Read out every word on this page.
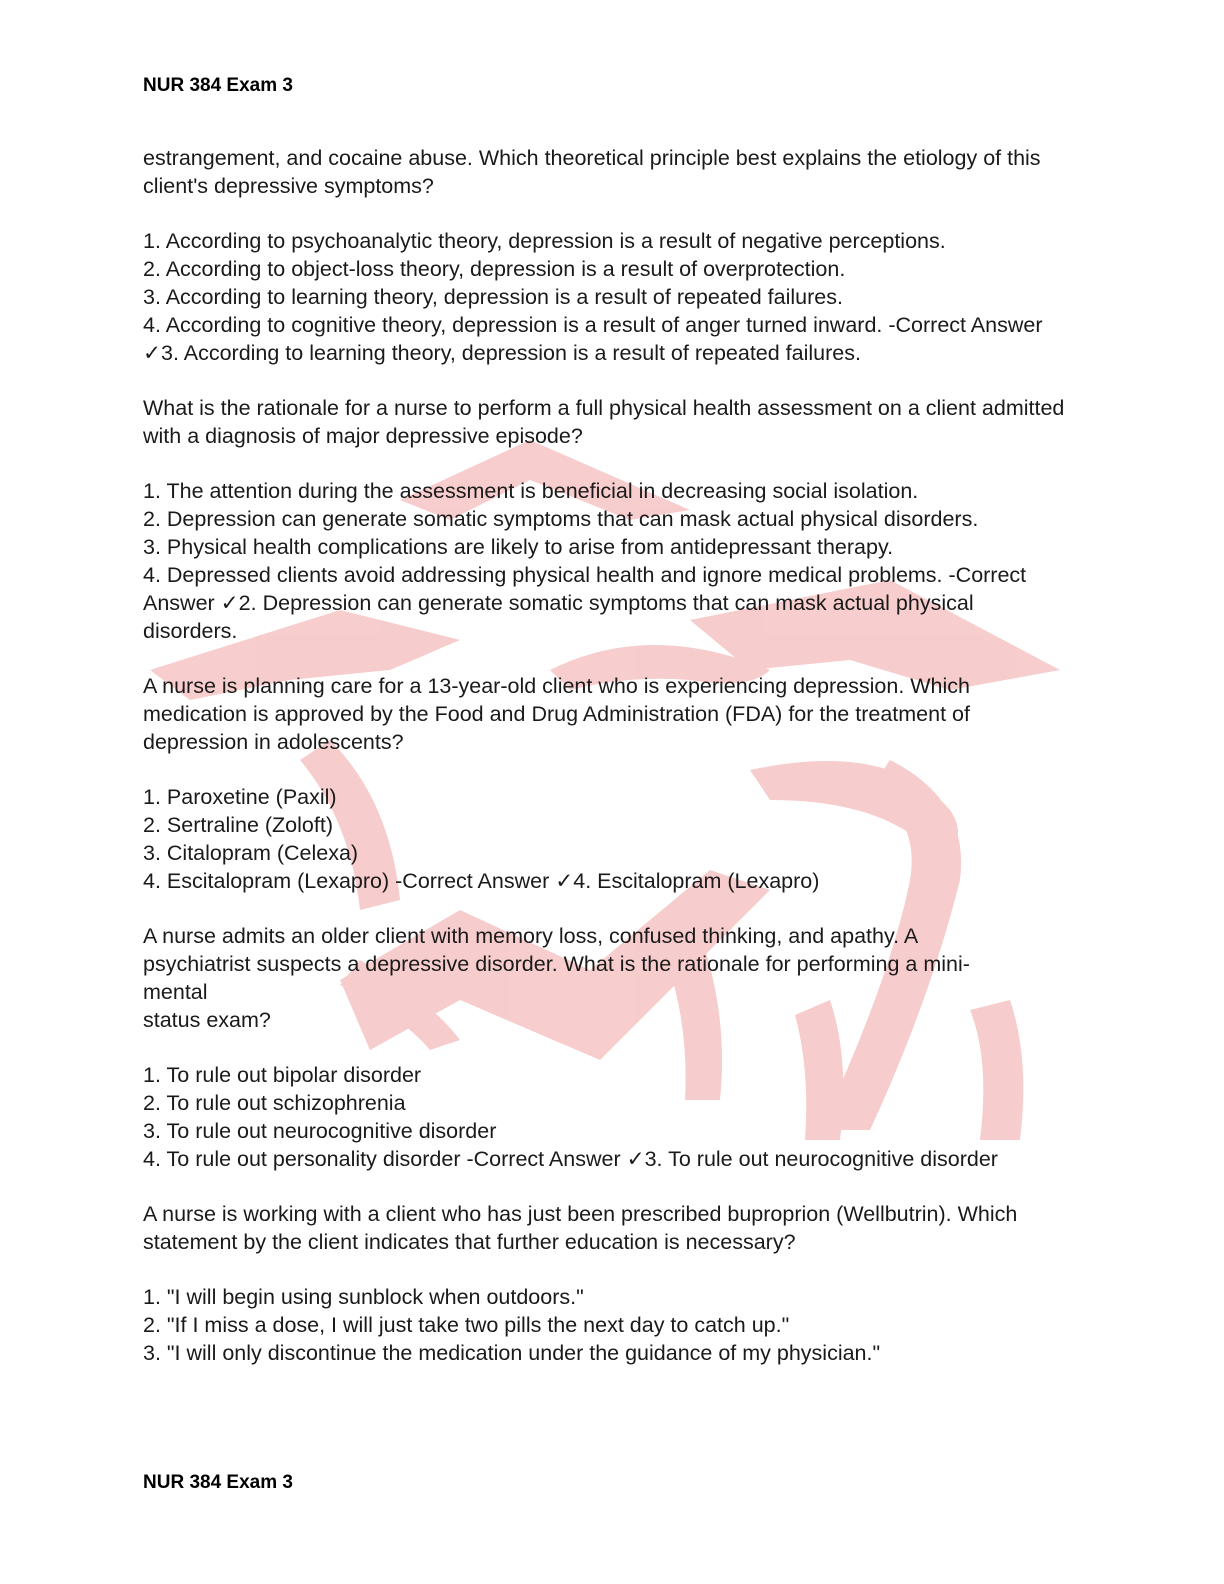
NUR 384 Exam 3

estrangement, and cocaine abuse. Which theoretical principle best explains the etiology of this client's depressive symptoms?

1. According to psychoanalytic theory, depression is a result of negative perceptions.

2. According to object-loss theory, depression is a result of overprotection.

3. According to learning theory, depression is a result of repeated failures.

4. According to cognitive theory, depression is a result of anger turned inward. -Correct Answer ✓3. According to learning theory, depression is a result of repeated failures.

What is the rationale for a nurse to perform a full physical health assessment on a client admitted with a diagnosis of major depressive episode?

1. The attention during the assessment is beneficial in decreasing social isolation.

2. Depression can generate somatic symptoms that can mask actual physical disorders.

3. Physical health complications are likely to arise from antidepressant therapy.

4. Depressed clients avoid addressing physical health and ignore medical problems. -Correct Answer ✓2. Depression can generate somatic symptoms that can mask actual physical disorders.

A nurse is planning care for a 13-year-old client who is experiencing depression. Which medication is approved by the Food and Drug Administration (FDA) for the treatment of depression in adolescents?

1. Paroxetine (Paxil)

2. Sertraline (Zoloft)

3. Citalopram (Celexa)

4. Escitalopram (Lexapro) -Correct Answer ✓4. Escitalopram (Lexapro)

A nurse admits an older client with memory loss, confused thinking, and apathy. A

psychiatrist suspects a depressive disorder. What is the rationale for performing a mini-

mental

status exam?

1. To rule out bipolar disorder

2. To rule out schizophrenia

3. To rule out neurocognitive disorder

4. To rule out personality disorder -Correct Answer ✓3. To rule out neurocognitive disorder

A nurse is working with a client who has just been prescribed buproprion (Wellbutrin). Which statement by the client indicates that further education is necessary?

1. "I will begin using sunblock when outdoors."

2. "If I miss a dose, I will just take two pills the next day to catch up."

3. "I will only discontinue the medication under the guidance of my physician."

NUR 384 Exam 3
